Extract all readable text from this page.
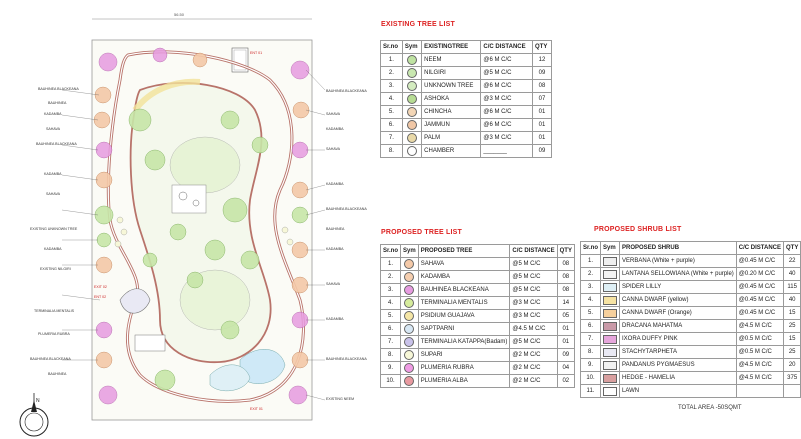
56.50
BAUHINEA BLACKEANA
BAUHINEA
KADAMBA
SAHAVA
BAUHINEA BLACKEANA
KADAMBA
SAHAVA
EXISTING UNKNOWN TREE
KADAMBA
EXISTING NILGIRI
TERMINALIA MENTALIS
PLUMERIA RUBRA
BAUHINEA BLACKEANA
BAUHINEA
BAUHINEA BLACKEANA
SAHAVA
KADAMBA
SAHAVA
KADAMBA
BAUHINEA BLACKEANA
BAUHINEA
KADAMBA
SAHAVA
KADAMBA
BAUHINEA BLACKEANA
EXISTING NEEM
ENT 01
ENT 02
EXIT 01
EXIT 02
N
EXISTING TREE LIST
Sr.no	Sym	EXISTINGTREE	C/C DISTANCE	QTY
1.		NEEM	@6 M C/C	12
2.		NILGIRI	@5 M C/C	09
3.		UNKNOWN TREE	@6 M C/C	08
4.		ASHOKA	@3 M C/C	07
5.		CHINCHA	@6 M C/C	01
6.		JAMMUN	@6 M C/C	01
7.		PALM	@3 M C/C	01
8.		CHAMBER	_______	09
PROPOSED TREE LIST
Sr.no	Sym	PROPOSED TREE	C/C DISTANCE	QTY
1.		SAHAVA	@5 M C/C	08
2.		KADAMBA	@5 M C/C	08
3.		BAUHINEA BLACKEANA	@5 M C/C	08
4.		TERMINALIA MENTALIS	@3 M C/C	14
5.		PSIDIUM GUAJAVA	@3 M C/C	05
6.		SAPTPARNI	@4.5 M C/C	01
7.		TERMINALIA KATAPPA(Badam)	@5 M C/C	01
8.		SUPARI	@2 M C/C	09
9.		PLUMERIA RUBRA	@2 M C/C	04
10.		PLUMERIA ALBA	@2 M C/C	02
PROPOSED SHRUB LIST
Sr.no	Sym	PROPOSED SHRUB	C/C DISTANCE	QTY
1.		VERBANA (White + purple)	@0.45 M C/C	22
2.		LANTANA SELLOWIANA (White + purple)	@0.20 M C/C	40
3.		SPIDER LILLY	@0.45 M C/C	115
4.		CANNA DWARF (yellow)	@0.45 M C/C	40
5.		CANNA DWARF (Orange)	@0.45 M C/C	15
6.		DRACANA MAHATMA	@4.5 M C/C	25
7.		IXORA DUFFY PINK	@0.5 M C/C	15
8.		STACHYTARPHETA	@0.5 M C/C	25
9.		PANDANUS PYGMAESUS	@4.5 M C/C	20
10.		HEDGE - HAMELIA	@4.5 M C/C	375
11.		LAWN		
TOTAL AREA -50SQMT
